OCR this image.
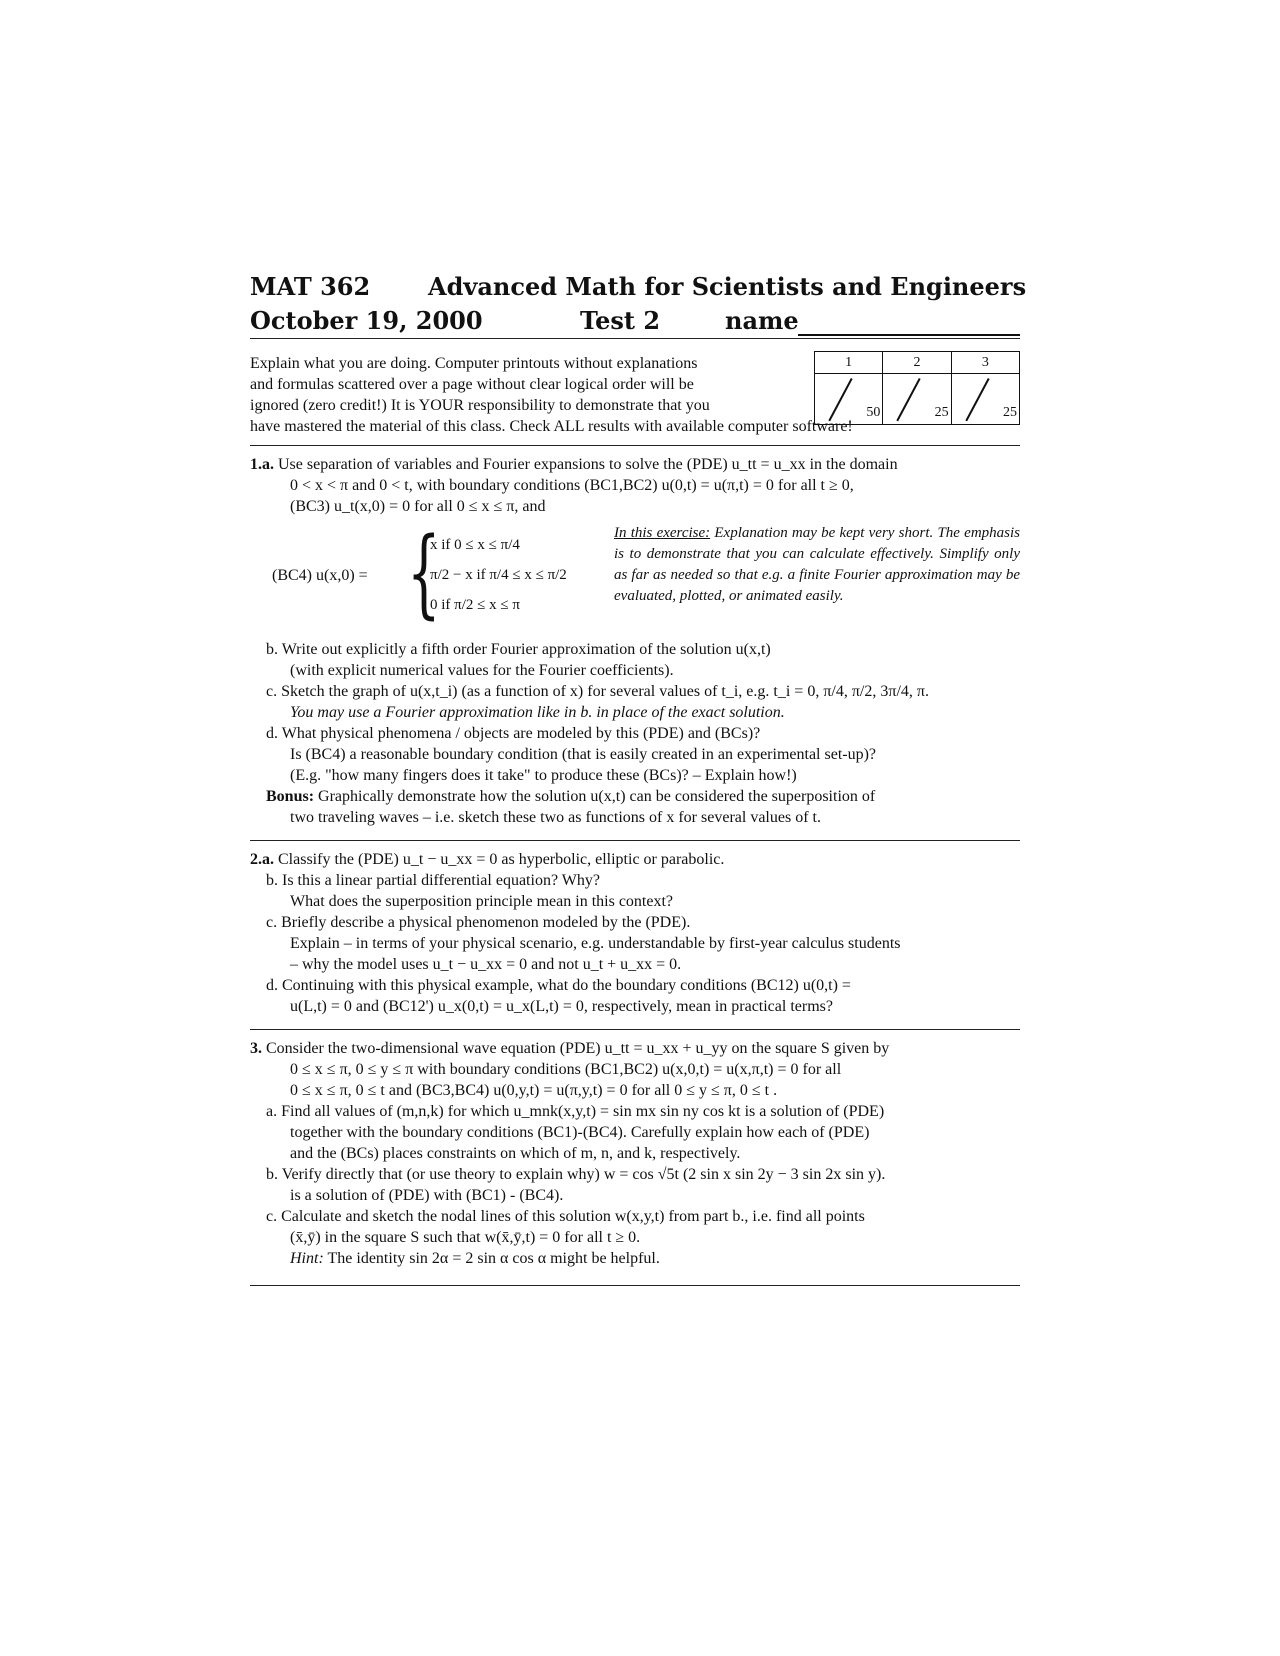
MAT 362 Advanced Math for Scientists and Engineers
October 19, 2000	Test 2	name

Explain what you are doing. Computer printouts without explanations

and formulas scattered over a page without clear logical order will be

ignored (zero credit!) It is YOUR responsibility to demonstrate that you

have mastered the material of this class. Check ALL results with available computer software!

1	2	3

50	25	25

1.a. Use separation of variables and Fourier expansions to solve the (PDE) u_tt = u_xx in the domain

0 < x < π and 0 < t, with boundary conditions (BC1,BC2) u(0,t) = u(π,t) = 0 for all t ≥ 0,

(BC3) u_t(x,0) = 0 for all 0 ≤ x ≤ π, and

(BC4) u(x,0) = {
x if 0 ≤ x ≤ π/4
π/2 − x if π/4 ≤ x ≤ π/2
0 if π/2 ≤ x ≤ π
In this exercise: Explanation may be kept very short. The emphasis is to demonstrate that you can calculate effectively. Simplify only as far as needed so that e.g. a finite Fourier approximation may be evaluated, plotted, or animated easily.

b. Write out explicitly a fifth order Fourier approximation of the solution u(x,t)

(with explicit numerical values for the Fourier coefficients).

c. Sketch the graph of u(x,t_i) (as a function of x) for several values of t_i, e.g. t_i = 0, π/4, π/2, 3π/4, π.

You may use a Fourier approximation like in b. in place of the exact solution.

d. What physical phenomena / objects are modeled by this (PDE) and (BCs)?

Is (BC4) a reasonable boundary condition (that is easily created in an experimental set-up)?

(E.g. "how many fingers does it take" to produce these (BCs)? – Explain how!)

Bonus: Graphically demonstrate how the solution u(x,t) can be considered the superposition of

two traveling waves – i.e. sketch these two as functions of x for several values of t.

2.a. Classify the (PDE) u_t − u_xx = 0 as hyperbolic, elliptic or parabolic.

b. Is this a linear partial differential equation? Why?

What does the superposition principle mean in this context?

c. Briefly describe a physical phenomenon modeled by the (PDE).

Explain – in terms of your physical scenario, e.g. understandable by first-year calculus students

– why the model uses u_t − u_xx = 0 and not u_t + u_xx = 0.

d. Continuing with this physical example, what do the boundary conditions (BC12) u(0,t) =

u(L,t) = 0 and (BC12') u_x(0,t) = u_x(L,t) = 0, respectively, mean in practical terms?

3. Consider the two-dimensional wave equation (PDE) u_tt = u_xx + u_yy on the square S given by

0 ≤ x ≤ π, 0 ≤ y ≤ π with boundary conditions (BC1,BC2) u(x,0,t) = u(x,π,t) = 0 for all

0 ≤ x ≤ π, 0 ≤ t and (BC3,BC4) u(0,y,t) = u(π,y,t) = 0 for all 0 ≤ y ≤ π, 0 ≤ t .

a. Find all values of (m,n,k) for which u_mnk(x,y,t) = sin mx sin ny cos kt is a solution of (PDE)

together with the boundary conditions (BC1)-(BC4). Carefully explain how each of (PDE)

and the (BCs) places constraints on which of m, n, and k, respectively.

b. Verify directly that (or use theory to explain why) w = cos √5t (2 sin x sin 2y − 3 sin 2x sin y).

is a solution of (PDE) with (BC1) - (BC4).

c. Calculate and sketch the nodal lines of this solution w(x,y,t) from part b., i.e. find all points

(x̄,ȳ) in the square S such that w(x̄,ȳ,t) = 0 for all t ≥ 0.

Hint: The identity sin 2α = 2 sin α cos α might be helpful.
